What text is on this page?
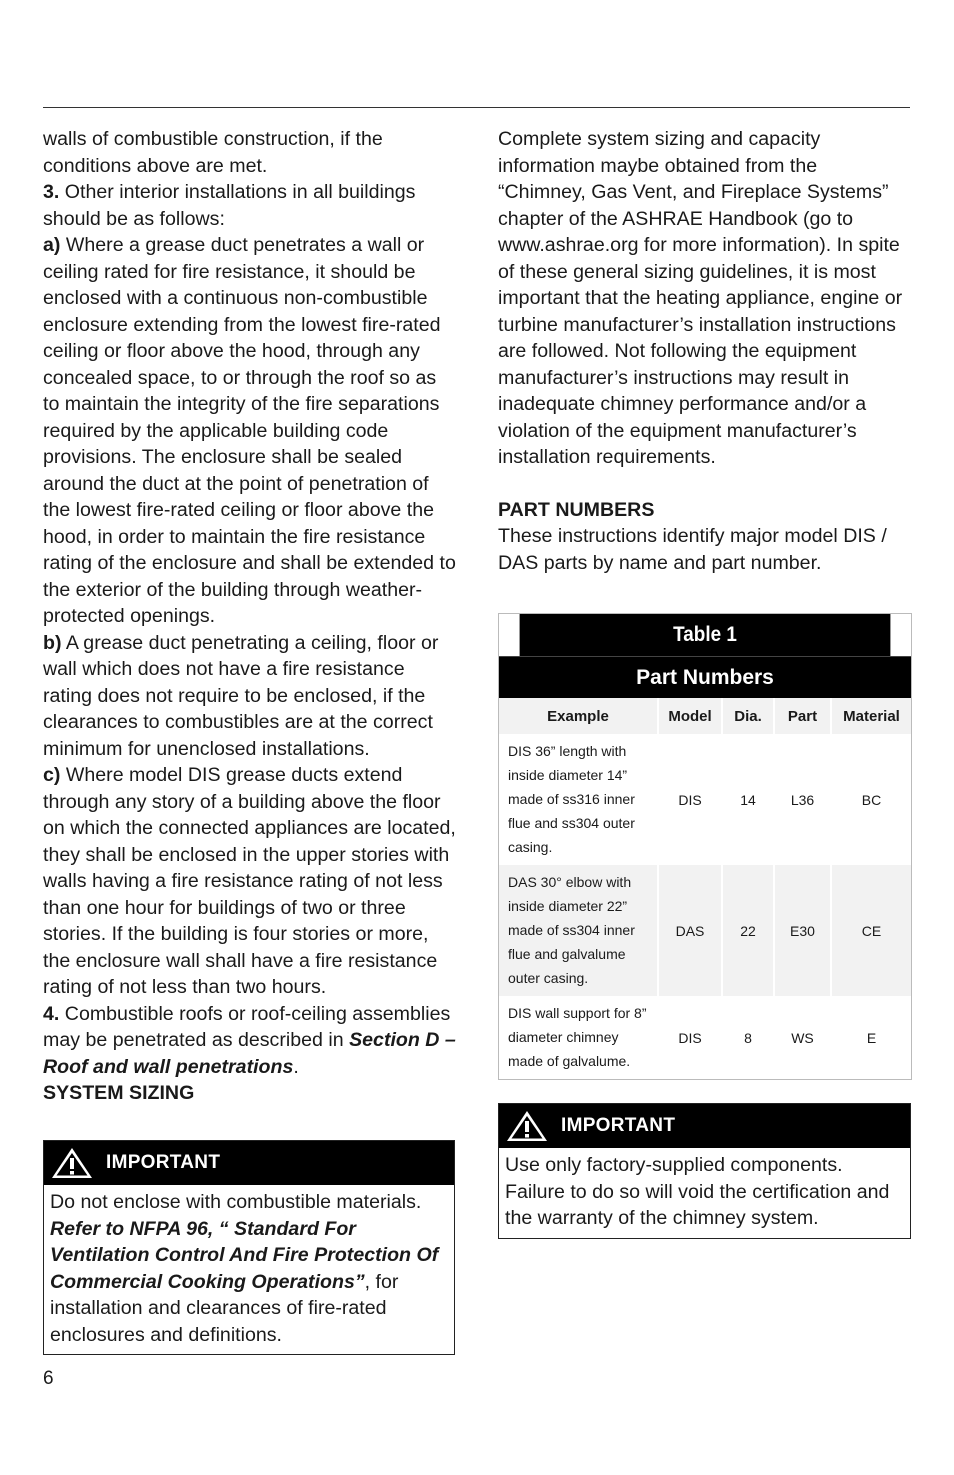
walls of combustible construction, if the conditions above are met.

3. Other interior installations in all buildings should be as follows:

a) Where a grease duct penetrates a wall or ceiling rated for fire resistance, it should be enclosed with a continuous non-combustible enclosure extending from the lowest fire-rated ceiling or floor above the hood, through any concealed space, to or through the roof so as to maintain the integrity of the fire separations required by the applicable building code provisions. The enclosure shall be sealed around the duct at the point of penetration of the lowest fire-rated ceiling or floor above the hood, in order to maintain the fire resistance rating of the enclosure and shall be extended to the exterior of the building through weather-protected openings.

b) A grease duct penetrating a ceiling, floor or wall which does not have a fire resistance rating does not require to be enclosed, if the clearances to combustibles are at the correct minimum for unenclosed installations.

c) Where model DIS grease ducts extend through any story of a building above the floor on which the connected appliances are located, they shall be enclosed in the upper stories with walls having a fire resistance rating of not less than one hour for buildings of two or three stories. If the building is four stories or more, the enclosure wall shall have a fire resistance rating of not less than two hours.

4. Combustible roofs or roof-ceiling assemblies may be penetrated as described in Section D – Roof and wall penetrations.

SYSTEM SIZING

IMPORTANT
Do not enclose with combustible materials. Refer to NFPA 96, “ Standard For Ventilation Control And Fire Protection Of Commercial Cooking Operations”, for installation and clearances of fire-rated enclosures and definitions.

Complete system sizing and capacity information maybe obtained from the “Chimney, Gas Vent, and Fireplace Systems” chapter of the ASHRAE Handbook (go to www.ashrae.org for more information). In spite of these general sizing guidelines, it is most important that the heating appliance, engine or turbine manufacturer’s installation instructions are followed. Not following the equipment manufacturer’s instructions may result in inadequate chimney performance and/or a violation of the equipment manufacturer’s installation requirements.

PART NUMBERS

These instructions identify major model DIS / DAS parts by name and part number.

Table 1
Part Numbers
Example	Model	Dia.	Part	Material
DIS 36” length with inside diameter 14” made of ss316 inner flue and ss304 outer casing.	DIS	14	L36	BC
DAS 30° elbow with inside diameter 22” made of ss304 inner flue and galvalume outer casing.	DAS	22	E30	CE
DIS wall support for 8” diameter chimney made of galvalume.	DIS	8	WS	E
IMPORTANT
Use only factory-supplied components. Failure to do so will void the certification and the warranty of the chimney system.
6
